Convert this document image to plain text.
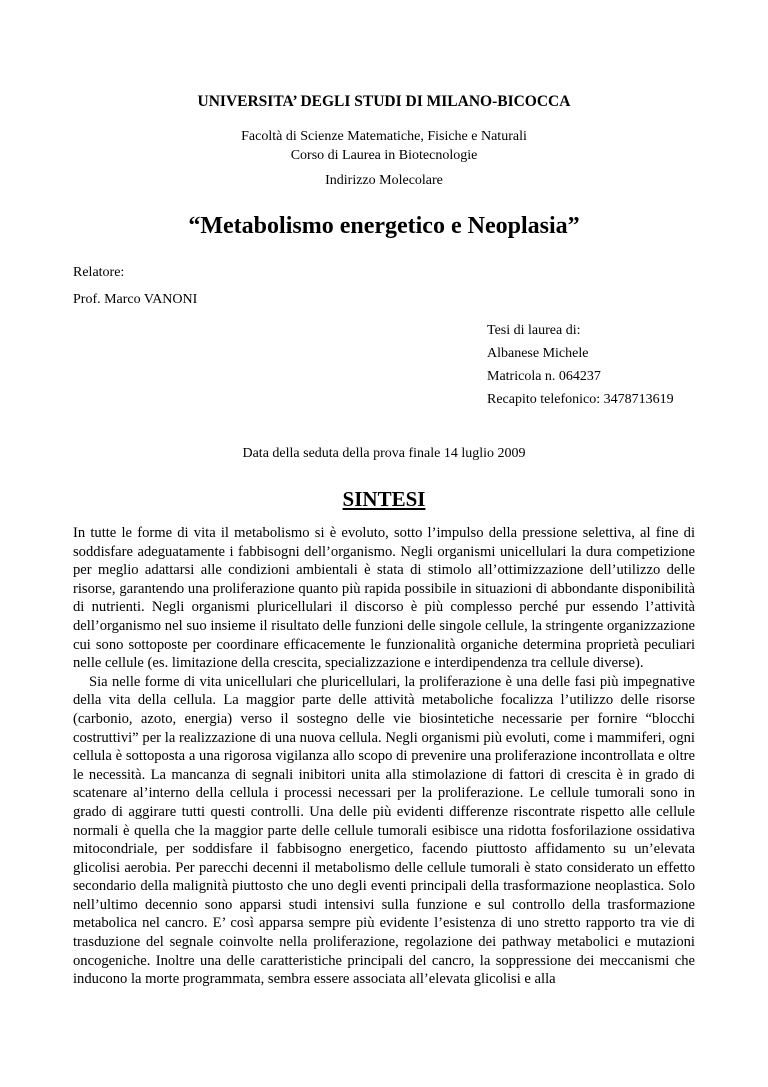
UNIVERSITA’ DEGLI STUDI DI MILANO-BICOCCA
Facoltà di Scienze Matematiche, Fisiche e Naturali
Corso di Laurea in Biotecnologie
Indirizzo Molecolare
“Metabolismo energetico e Neoplasia”
Relatore:
Prof. Marco VANONI
Tesi di laurea di:
Albanese Michele
Matricola n. 064237
Recapito telefonico: 3478713619
Data della seduta della prova finale 14 luglio 2009
SINTESI

In tutte le forme di vita il metabolismo si è evoluto, sotto l’impulso della pressione selettiva, al fine di soddisfare adeguatamente i fabbisogni dell’organismo. Negli organismi unicellulari la dura competizione per meglio adattarsi alle condizioni ambientali è stata di stimolo all’ottimizzazione dell’utilizzo delle risorse, garantendo una proliferazione quanto più rapida possibile in situazioni di abbondante disponibilità di nutrienti. Negli organismi pluricellulari il discorso è più complesso perché pur essendo l’attività dell’organismo nel suo insieme il risultato delle funzioni delle singole cellule, la stringente organizzazione cui sono sottoposte per coordinare efficacemente le funzionalità organiche determina proprietà peculiari nelle cellule (es. limitazione della crescita, specializzazione e interdipendenza tra cellule diverse).

Sia nelle forme di vita unicellulari che pluricellulari, la proliferazione è una delle fasi più impegnative della vita della cellula. La maggior parte delle attività metaboliche focalizza l’utilizzo delle risorse (carbonio, azoto, energia) verso il sostegno delle vie biosintetiche necessarie per fornire “blocchi costruttivi” per la realizzazione di una nuova cellula. Negli organismi più evoluti, come i mammiferi, ogni cellula è sottoposta a una rigorosa vigilanza allo scopo di prevenire una proliferazione incontrollata e oltre le necessità. La mancanza di segnali inibitori unita alla stimolazione di fattori di crescita è in grado di scatenare al’interno della cellula i processi necessari per la proliferazione. Le cellule tumorali sono in grado di aggirare tutti questi controlli. Una delle più evidenti differenze riscontrate rispetto alle cellule normali è quella che la maggior parte delle cellule tumorali esibisce una ridotta fosforilazione ossidativa mitocondriale, per soddisfare il fabbisogno energetico, facendo piuttosto affidamento su un’elevata glicolisi aerobia. Per parecchi decenni il metabolismo delle cellule tumorali è stato considerato un effetto secondario della malignità piuttosto che uno degli eventi principali della trasformazione neoplastica. Solo nell’ultimo decennio sono apparsi studi intensivi sulla funzione e sul controllo della trasformazione metabolica nel cancro. E’ così apparsa sempre più evidente l’esistenza di uno stretto rapporto tra vie di trasduzione del segnale coinvolte nella proliferazione, regolazione dei pathway metabolici e mutazioni oncogeniche. Inoltre una delle caratteristiche principali del cancro, la soppressione dei meccanismi che inducono la morte programmata, sembra essere associata all’elevata glicolisi e alla
